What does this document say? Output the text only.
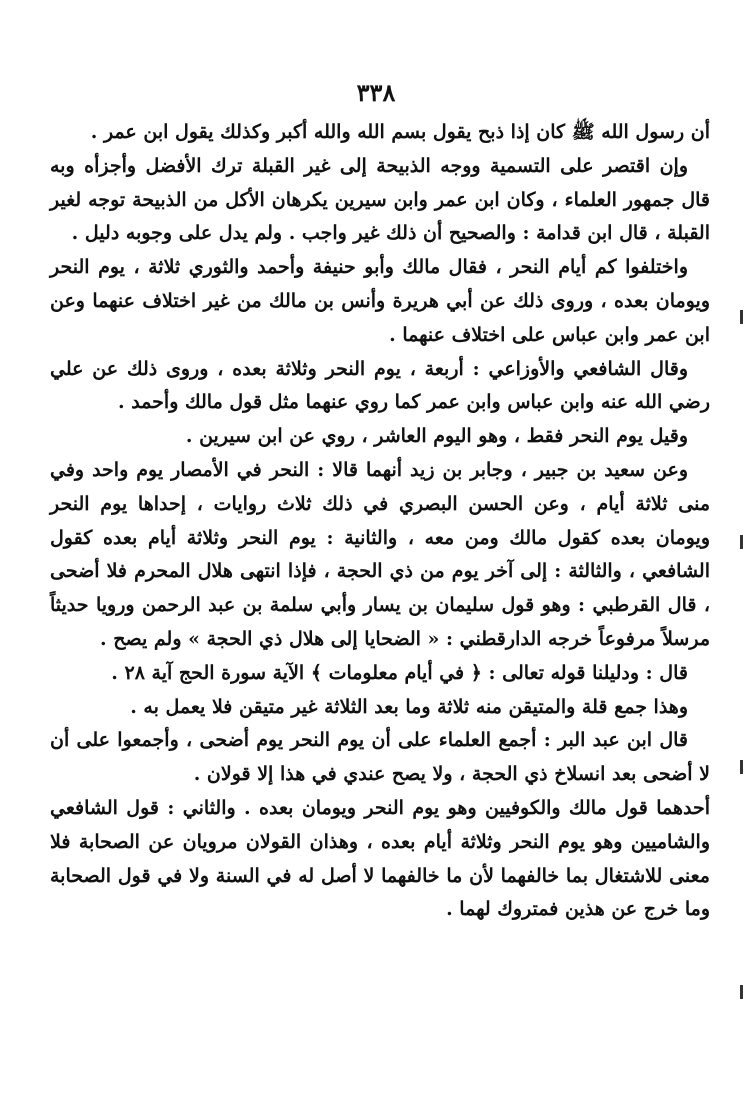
٣٣٨

أن رسول الله ﷺ كان إذا ذبح يقول بسم الله والله أكبر وكذلك يقول ابن عمر .

وإن اقتصر على التسمية ووجه الذبيحة إلى غير القبلة ترك الأفضل وأجزأه وبه قال جمهور العلماء ، وكان ابن عمر وابن سيرين يكرهان الأكل من الذبيحة توجه لغير القبلة ، قال ابن قدامة : والصحيح أن ذلك غير واجب . ولم يدل على وجوبه دليل .

واختلفوا كم أيام النحر ، فقال مالك وأبو حنيفة وأحمد والثوري ثلاثة ، يوم النحر ويومان بعده ، وروى ذلك عن أبي هريرة وأنس بن مالك من غير اختلاف عنهما وعن ابن عمر وابن عباس على اختلاف عنهما .

وقال الشافعي والأوزاعي : أربعة ، يوم النحر وثلاثة بعده ، وروى ذلك عن علي رضي الله عنه وابن عباس وابن عمر كما روي عنهما مثل قول مالك وأحمد .

وقيل يوم النحر فقط ، وهو اليوم العاشر ، روي عن ابن سيرين .

وعن سعيد بن جبير ، وجابر بن زيد أنهما قالا : النحر في الأمصار يوم واحد وفي منى ثلاثة أيام ، وعن الحسن البصري في ذلك ثلاث روايات ، إحداها يوم النحر ويومان بعده كقول مالك ومن معه ، والثانية : يوم النحر وثلاثة أيام بعده كقول الشافعي ، والثالثة : إلى آخر يوم من ذي الحجة ، فإذا انتهى هلال المحرم فلا أضحى ، قال القرطبي : وهو قول سليمان بن يسار وأبي سلمة بن عبد الرحمن ورويا حديثاً مرسلاً مرفوعاً خرجه الدارقطني : « الضحايا إلى هلال ذي الحجة » ولم يصح .

قال : ودليلنا قوله تعالى : ﴿ في أيام معلومات ﴾ الآية سورة الحج آية ٢٨ .

وهذا جمع قلة والمتيقن منه ثلاثة وما بعد الثلاثة غير متيقن فلا يعمل به .

قال ابن عبد البر : أجمع العلماء على أن يوم النحر يوم أضحى ، وأجمعوا على أن لا أضحى بعد انسلاخ ذي الحجة ، ولا يصح عندي في هذا إلا قولان .

أحدهما قول مالك والكوفيين وهو يوم النحر ويومان بعده . والثاني : قول الشافعي والشاميين وهو يوم النحر وثلاثة أيام بعده ، وهذان القولان مرويان عن الصحابة فلا معنى للاشتغال بما خالفهما لأن ما خالفهما لا أصل له في السنة ولا في قول الصحابة وما خرج عن هذين فمتروك لهما .
